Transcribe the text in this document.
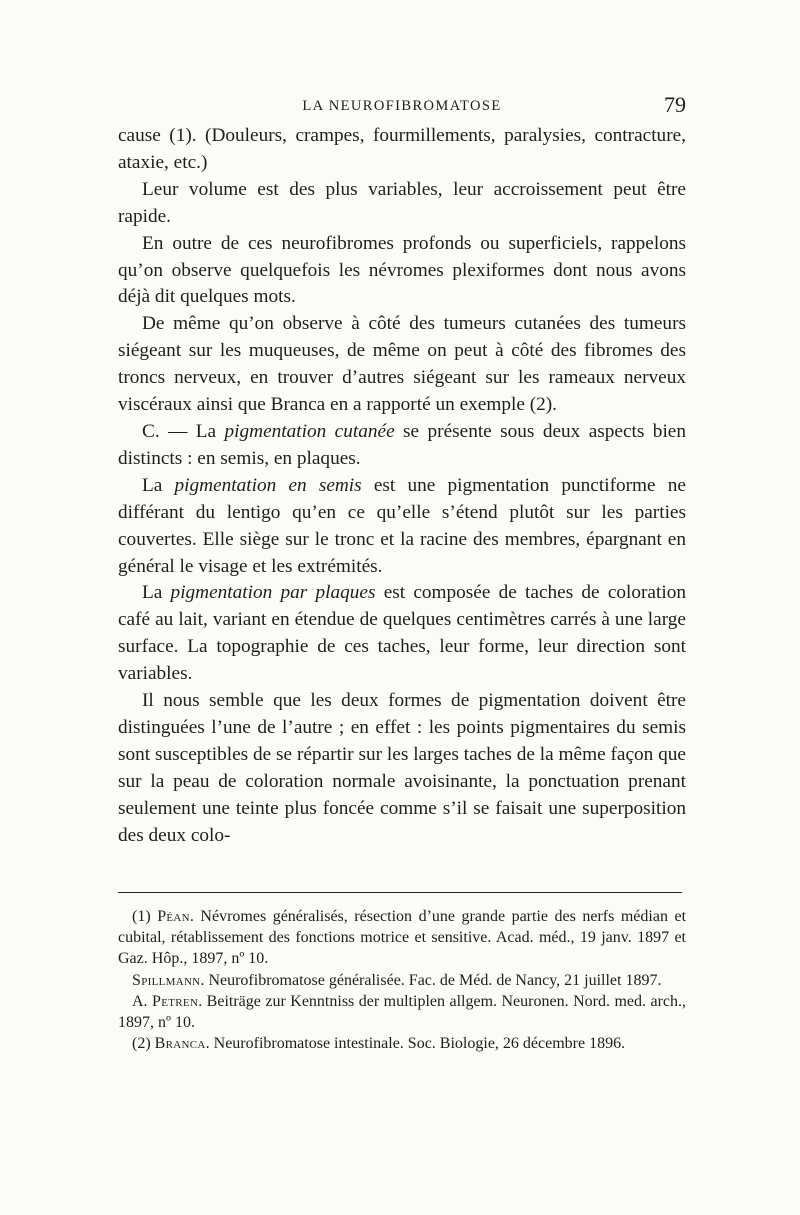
LA NEUROFIBROMATOSE	79

cause (1). (Douleurs, crampes, fourmillements, paralysies, contracture, ataxie, etc.)

Leur volume est des plus variables, leur accroissement peut être rapide.

En outre de ces neurofibromes profonds ou superficiels, rappelons qu’on observe quelquefois les névromes plexiformes dont nous avons déjà dit quelques mots.

De même qu’on observe à côté des tumeurs cutanées des tumeurs siégeant sur les muqueuses, de même on peut à côté des fibromes des troncs nerveux, en trouver d’autres siégeant sur les rameaux nerveux viscéraux ainsi que Branca en a rapporté un exemple (2).

C. — La pigmentation cutanée se présente sous deux aspects bien distincts : en semis, en plaques.

La pigmentation en semis est une pigmentation punctiforme ne différant du lentigo qu’en ce qu’elle s’étend plutôt sur les parties couvertes. Elle siège sur le tronc et la racine des membres, épargnant en général le visage et les extrémités.

La pigmentation par plaques est composée de taches de coloration café au lait, variant en étendue de quelques centimètres carrés à une large surface. La topographie de ces taches, leur forme, leur direction sont variables.

Il nous semble que les deux formes de pigmentation doivent être distinguées l’une de l’autre ; en effet : les points pigmentaires du semis sont susceptibles de se répartir sur les larges taches de la même façon que sur la peau de coloration normale avoisinante, la ponctuation prenant seulement une teinte plus foncée comme s’il se faisait une superposition des deux colo-

(1) Péan. Névromes généralisés, résection d’une grande partie des nerfs médian et cubital, rétablissement des fonctions motrice et sensitive. Acad. méd., 19 janv. 1897 et Gaz. Hôp., 1897, nº 10.

Spillmann. Neurofibromatose généralisée. Fac. de Méd. de Nancy, 21 juillet 1897.

A. Petren. Beiträge zur Kenntniss der multiplen allgem. Neuronen. Nord. med. arch., 1897, nº 10.

(2) Branca. Neurofibromatose intestinale. Soc. Biologie, 26 décembre 1896.
